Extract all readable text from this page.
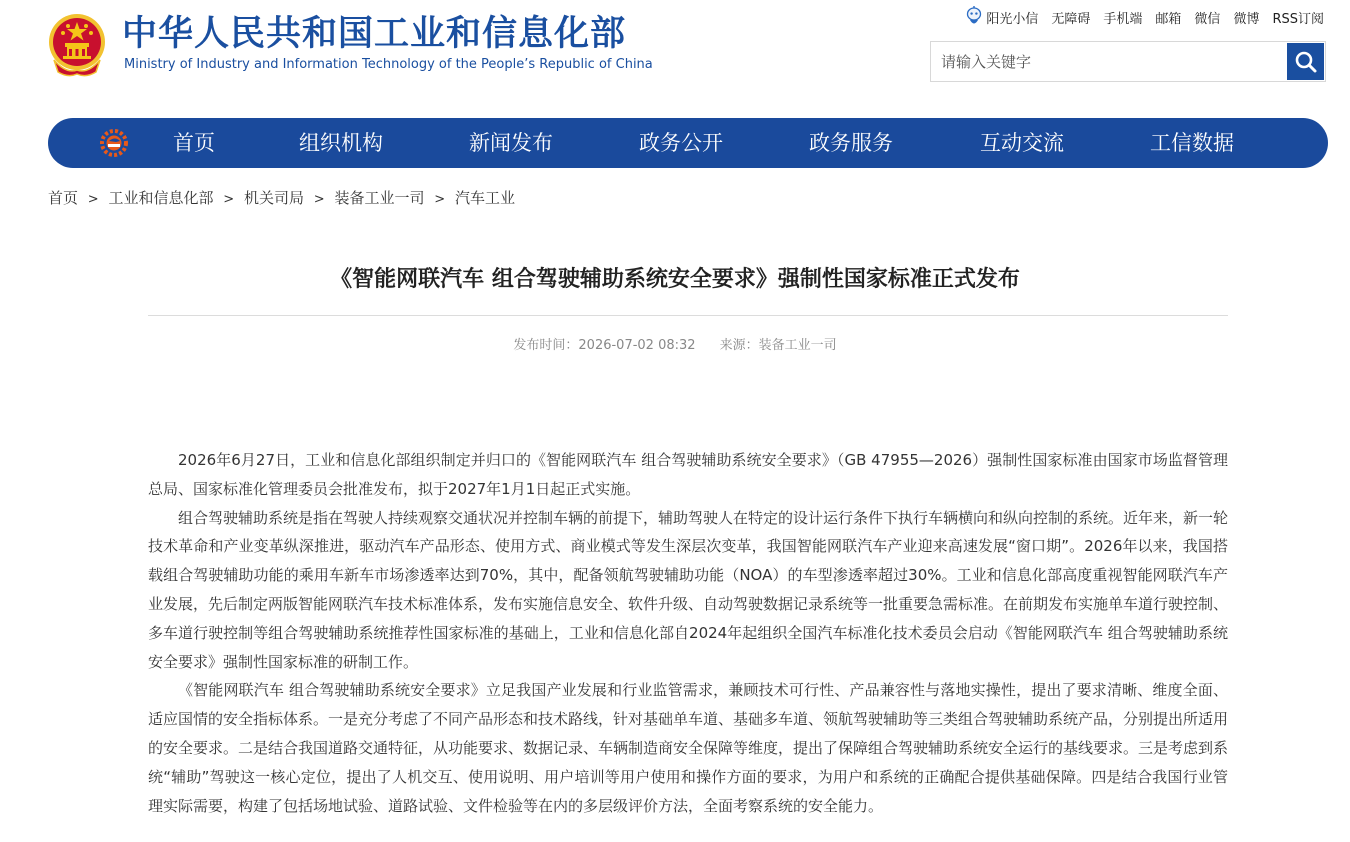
中华人民共和国工业和信息化部
Ministry of Industry and Information Technology of the People’s Republic of China
阳光小信 无障碍 手机端 邮箱 微信 微博 RSS订阅
请输入关键字
首页	组织机构	新闻发布	政务公开	政务服务	互动交流	工信数据
首页 > 工业和信息化部 > 机关司局 > 装备工业一司 > 汽车工业
《智能网联汽车 组合驾驶辅助系统安全要求》强制性国家标准正式发布
发布时间：2026-07-02 08:32 来源：装备工业一司

2026年6月27日，工业和信息化部组织制定并归口的《智能网联汽车 组合驾驶辅助系统安全要求》（GB 47955—2026）强制性国家标准由国家市场监督管理总局、国家标准化管理委员会批准发布，拟于2027年1月1日起正式实施。

组合驾驶辅助系统是指在驾驶人持续观察交通状况并控制车辆的前提下，辅助驾驶人在特定的设计运行条件下执行车辆横向和纵向控制的系统。近年来，新一轮技术革命和产业变革纵深推进，驱动汽车产品形态、使用方式、商业模式等发生深层次变革，我国智能网联汽车产业迎来高速发展“窗口期”。2026年以来，我国搭载组合驾驶辅助功能的乘用车新车市场渗透率达到70%，其中，配备领航驾驶辅助功能（NOA）的车型渗透率超过30%。工业和信息化部高度重视智能网联汽车产业发展，先后制定两版智能网联汽车技术标准体系，发布实施信息安全、软件升级、自动驾驶数据记录系统等一批重要急需标准。在前期发布实施单车道行驶控制、多车道行驶控制等组合驾驶辅助系统推荐性国家标准的基础上，工业和信息化部自2024年起组织全国汽车标准化技术委员会启动《智能网联汽车 组合驾驶辅助系统安全要求》强制性国家标准的研制工作。

《智能网联汽车 组合驾驶辅助系统安全要求》立足我国产业发展和行业监管需求，兼顾技术可行性、产品兼容性与落地实操性，提出了要求清晰、维度全面、适应国情的安全指标体系。一是充分考虑了不同产品形态和技术路线，针对基础单车道、基础多车道、领航驾驶辅助等三类组合驾驶辅助系统产品，分别提出所适用的安全要求。二是结合我国道路交通特征，从功能要求、数据记录、车辆制造商安全保障等维度，提出了保障组合驾驶辅助系统安全运行的基线要求。三是考虑到系统“辅助”驾驶这一核心定位，提出了人机交互、使用说明、用户培训等用户使用和操作方面的要求，为用户和系统的正确配合提供基础保障。四是结合我国行业管理实际需要，构建了包括场地试验、道路试验、文件检验等在内的多层级评价方法，全面考察系统的安全能力。
